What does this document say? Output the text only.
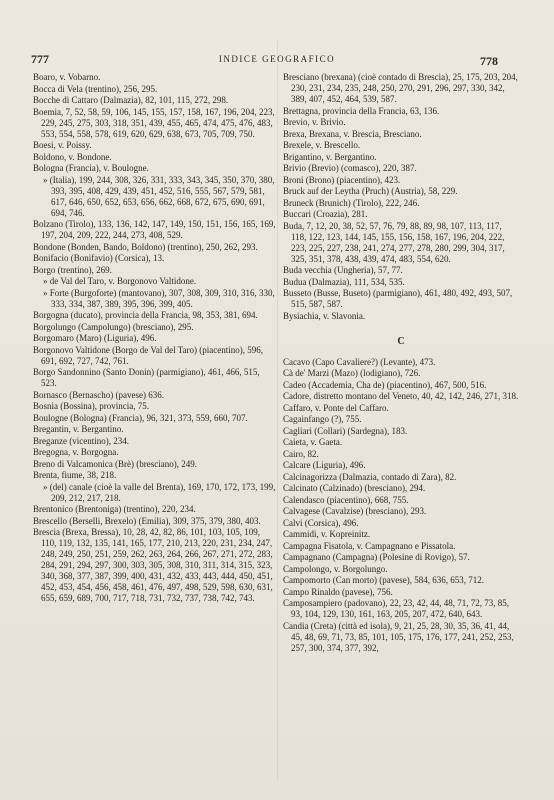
777	INDICE GEOGRAFICO	778
Boaro, v. Vobarno.
Bocca di Vela (trentino), 256, 295.
Bocche di Cattaro (Dalmazia), 82, 101, 115, 272, 298.
Boemia, 7, 52, 58, 59, 106, 145, 155, 157, 158, 167, 196, 204, 223, 229, 245, 275, 303, 318, 351, 439, 455, 465, 474, 475, 476, 483, 553, 554, 558, 578, 619, 620, 629, 638, 673, 705, 709, 750.
Boesi, v. Poissy.
Boldono, v. Bondone.
Bologna (Francia), v. Boulogne.
» (Italia), 199, 244, 308, 326, 331, 333, 343, 345, 350, 370, 380, 393, 395, 408, 429, 439, 451, 452, 516, 555, 567, 579, 581, 617, 646, 650, 652, 653, 656, 662, 668, 672, 675, 690, 691, 694, 746.
Bolzano (Tirolo), 133, 136, 142, 147, 149, 150, 151, 156, 165, 169, 197, 204, 209, 222, 244, 273, 408, 529.
Bondone (Bonden, Bando, Boldono) (trentino), 250, 262, 293.
Bonifacio (Bonifavio) (Corsica), 13.
Borgo (trentino), 269.
» de Val del Taro, v. Borgonovo Valtidone.
» Forte (Burgoforte) (mantovano), 307, 308, 309, 310, 316, 330, 333, 334, 387, 389, 395, 396, 399, 405.
Borgogna (ducato), provincia della Francia, 98, 353, 381, 694.
Borgolungo (Campolungo) (bresciano), 295.
Borgomaro (Maro) (Liguria), 496.
Borgonovo Valtidone (Borgo de Val del Taro) (piacentino), 596, 691, 692, 727, 742, 761.
Borgo Sandonnino (Santo Donin) (parmigiano), 461, 466, 515, 523.
Bornasco (Bernascho) (pavese) 636.
Bosnia (Bossina), provincia, 75.
Boulogne (Bologna) (Francia), 96, 321, 373, 559, 660, 707.
Bregantin, v. Bergantino.
Breganze (vicentino), 234.
Bregogna, v. Borgogna.
Breno di Valcamonica (Brè) (bresciano), 249.
Brenta, fiume, 38, 218.
» (del) canale (cioè la valle del Brenta), 169, 170, 172, 173, 199, 209, 212, 217, 218.
Brentonico (Brentoniga) (trentino), 220, 234.
Brescello (Berselli, Brexelo) (Emilia), 309, 375, 379, 380, 403.
Brescia (Brexa, Bressa), 10, 28, 42, 82, 86, 101, 103, 105, 109, 110, 119, 132, 135, 141, 165, 177, 210, 213, 220, 231, 234, 247, 248, 249, 250, 251, 259, 262, 263, 264, 266, 267, 271, 272, 283, 284, 291, 294, 297, 300, 303, 305, 308, 310, 311, 314, 315, 323, 340, 368, 377, 387, 399, 400, 431, 432, 433, 443, 444, 450, 451, 452, 453, 454, 456, 458, 461, 476, 497, 498, 529, 598, 630, 631, 655, 659, 689, 700, 717, 718, 731, 732, 737, 738, 742, 743.
Bresciano (brexana) (cioè contado di Brescia), 25, 175, 203, 204, 230, 231, 234, 235, 248, 250, 270, 291, 296, 297, 330, 342, 389, 407, 452, 464, 539, 587.
Brettagna, provincia della Francia, 63, 136.
Brevio, v. Brivio.
Brexa, Brexana, v. Brescia, Bresciano.
Brexele, v. Brescello.
Brigantino, v. Bergantino.
Brivio (Brevio) (comasco), 220, 387.
Broni (Brono) (piacentino), 423.
Bruck auf der Leytha (Pruch) (Austria), 58, 229.
Bruneck (Brunich) (Tirolo), 222, 246.
Buccari (Croazia), 281.
Buda, 7, 12, 20, 38, 52, 57, 76, 79, 88, 89, 98, 107, 113, 117, 118, 122, 123, 144, 145, 155, 156, 158, 167, 196, 204, 222, 223, 225, 227, 238, 241, 274, 277, 278, 280, 299, 304, 317, 325, 351, 378, 438, 439, 474, 483, 554, 620.
Buda vecchia (Ungheria), 57, 77.
Budua (Dalmazia), 111, 534, 535.
Busseto (Busse, Buseto) (parmigiano), 461, 480, 492, 493, 507, 515, 587, 587.
Bysiachia, v. Slavonia.
C
Cacavo (Capo Cavaliere?) (Levante), 473.
Cà de' Marzi (Mazo) (lodigiano), 726.
Cadeo (Accademia, Cha de) (piacentino), 467, 500, 516.
Cadore, distretto montano del Veneto, 40, 42, 142, 246, 271, 318.
Caffaro, v. Ponte del Caffaro.
Cagainfango (?), 755.
Cagliari (Collari) (Sardegna), 183.
Caieta, v. Gaeta.
Cairo, 82.
Calcare (Liguria), 496.
Calcinagorizza (Dalmazia, contado di Zara), 82.
Calcinato (Calzinado) (bresciano), 294.
Calendasco (piacentino), 668, 755.
Calvagese (Cavalzise) (bresciano), 293.
Calvi (Corsica), 496.
Cammidi, v. Kopreinitz.
Campagna Fisatola, v. Campagnano e Pissatola.
Campagnano (Campagna) (Polesine di Rovigo), 57.
Campolongo, v. Borgolungo.
Campomorto (Can morto) (pavese), 584, 636, 653, 712.
Campo Rinaldo (pavese), 756.
Camposampiero (padovano), 22, 23, 42, 44, 48, 71, 72, 73, 85, 93, 104, 129, 130, 161, 163, 205, 207, 472, 640, 643.
Candia (Creta) (città ed isola), 9, 21, 25, 28, 30, 35, 36, 41, 44, 45, 48, 69, 71, 73, 85, 101, 105, 175, 176, 177, 241, 252, 253, 257, 300, 374, 377, 392,
